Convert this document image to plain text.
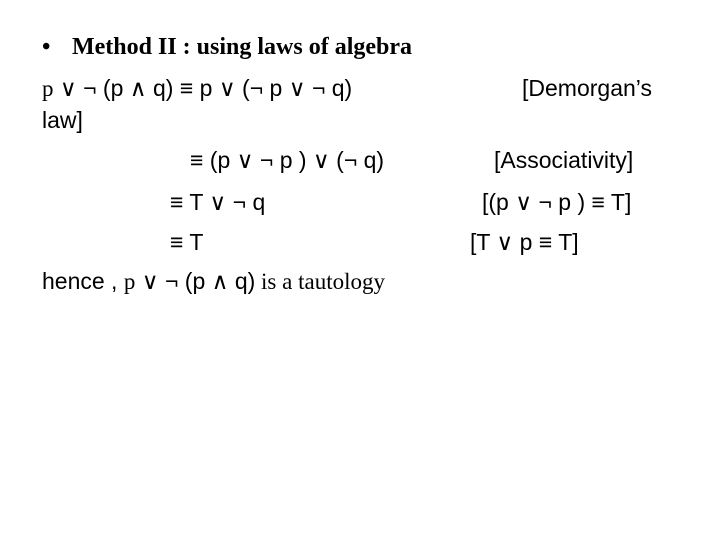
• Method II : using laws of algebra
p ∨ ¬ (p ∧ q) ≡ p ∨ (¬ p ∨ ¬ q)	[Demorgan’s
law]
≡ (p ∨ ¬ p ) ∨ (¬ q)	[Associativity]
≡ T ∨ ¬ q	[(p ∨ ¬ p ) ≡ T]
≡ T	[T ∨ p ≡ T]
hence , p ∨ ¬ (p ∧ q) is a tautology
